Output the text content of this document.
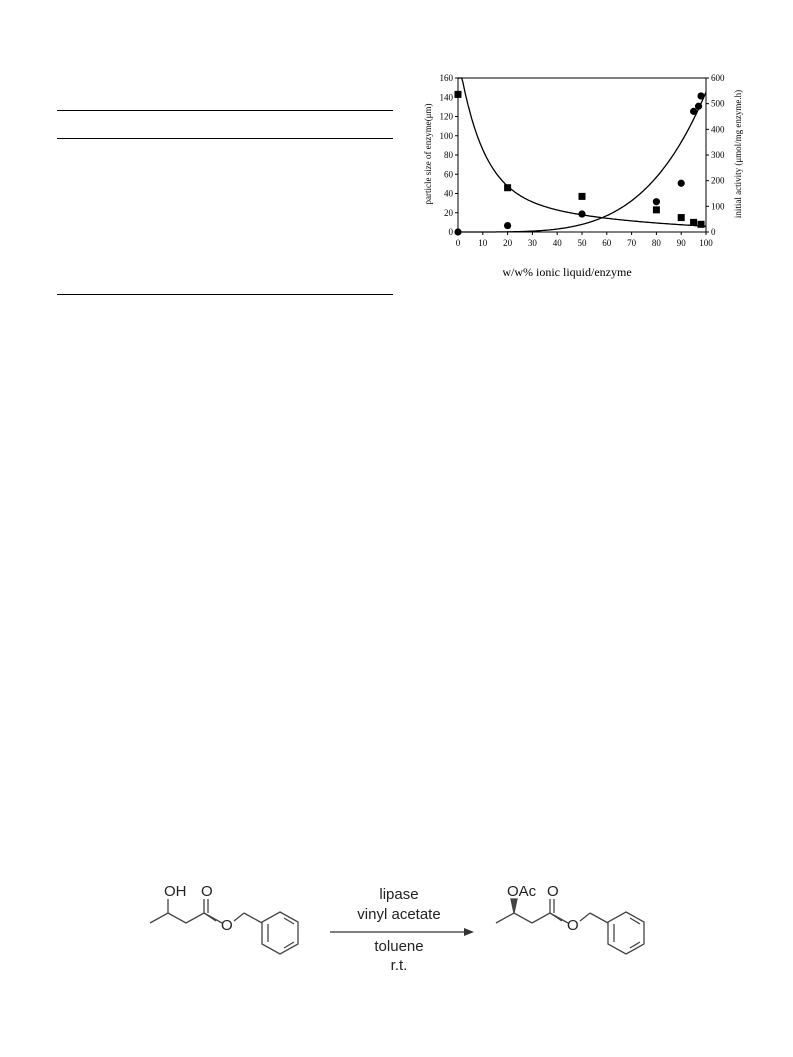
0 10 20 30 40 50 60 70 80 90 100
0
20
40
60
80
100
120
140
160
0
100
200
300
400
500
600
w/w% ionic liquid/enzyme
particle size of enzyme(μm)	initial activity (μmol/mg enzyme.h)
OH O
O
lipase
vinyl acetate
toluene
r.t.
OAc O
O
